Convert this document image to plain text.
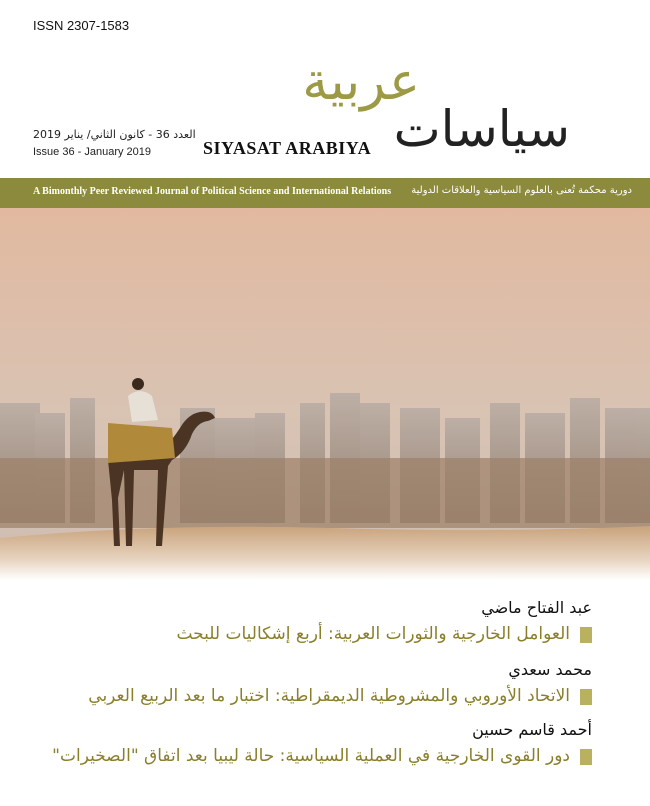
ISSN 2307-1583
عربية
سياسات
SIYASAT ARABIYA
العدد 36 - كانون الثاني/ يناير 2019
Issue 36 - January 2019
A Bimonthly Peer Reviewed Journal of Political Science and International Relations دورية محكمة تُعنى بالعلوم السياسية والعلاقات الدولية
عبد الفتاح ماضي
العوامل الخارجية والثورات العربية: أربع إشكاليات للبحث
محمد سعدي
الاتحاد الأوروبي والمشروطية الديمقراطية: اختبار ما بعد الربيع العربي
أحمد قاسم حسين
دور القوى الخارجية في العملية السياسية: حالة ليبيا بعد اتفاق "الصخيرات"
